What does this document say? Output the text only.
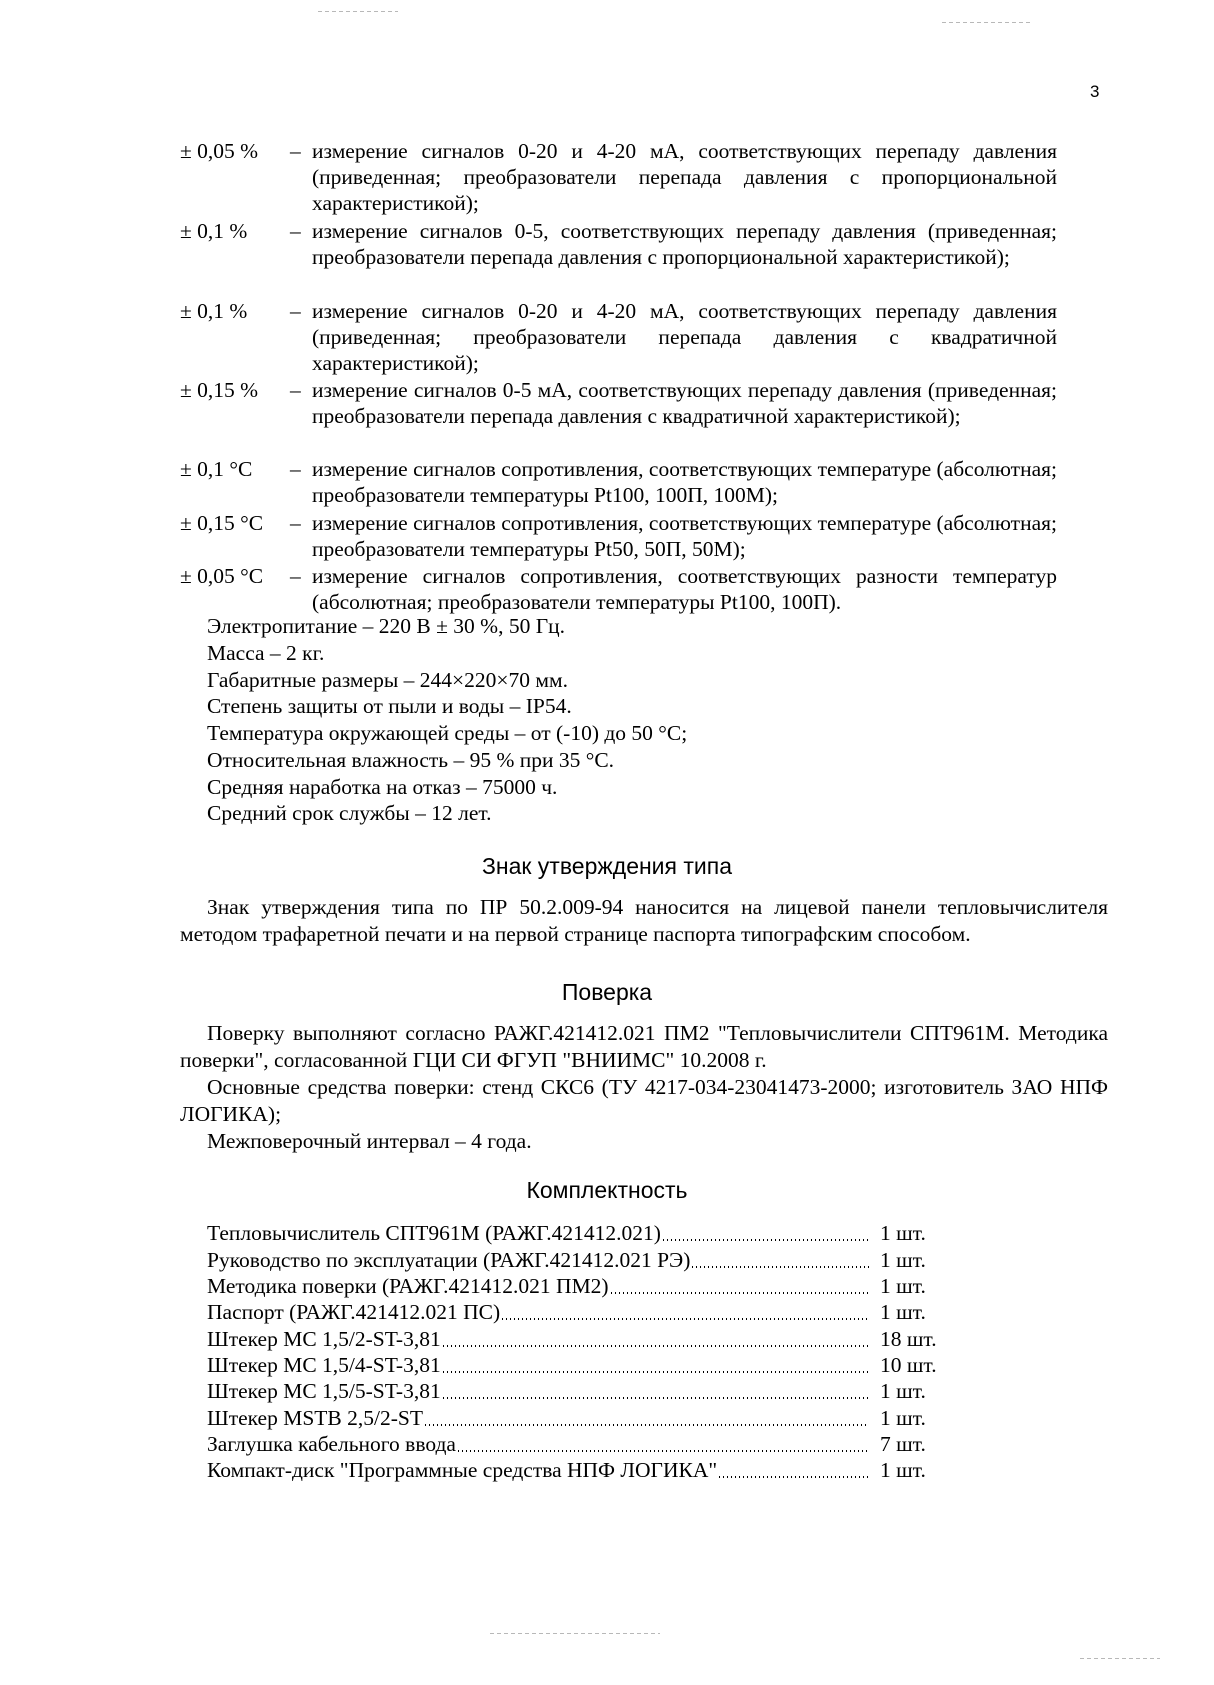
3
± 0,05 % – измерение сигналов 0-20 и 4-20 мА, соответствующих перепаду давления (приведенная; преобразователи перепада давления с пропорциональной характеристикой);
± 0,1 % – измерение сигналов 0-5, соответствующих перепаду давления (приведенная; преобразователи перепада давления с пропорциональной характеристикой);
± 0,1 % – измерение сигналов 0-20 и 4-20 мА, соответствующих перепаду давления (приведенная; преобразователи перепада давления с квадратичной характеристикой);
± 0,15 % – измерение сигналов 0-5 мА, соответствующих перепаду давления (приведенная; преобразователи перепада давления с квадратичной характеристикой);
± 0,1 °C – измерение сигналов сопротивления, соответствующих температуре (абсолютная; преобразователи температуры Pt100, 100П, 100М);
± 0,15 °C – измерение сигналов сопротивления, соответствующих температуре (абсолютная; преобразователи температуры Pt50, 50П, 50М);
± 0,05 °C – измерение сигналов сопротивления, соответствующих разности температур (абсолютная; преобразователи температуры Pt100, 100П).
Электропитание – 220 В ± 30 %, 50 Гц.
Масса – 2 кг.
Габаритные размеры – 244×220×70 мм.
Степень защиты от пыли и воды – IP54.
Температура окружающей среды – от (-10) до 50 °C;
Относительная влажность – 95 % при 35 °C.
Средняя наработка на отказ – 75000 ч.
Средний срок службы – 12 лет.
Знак утверждения типа
Знак утверждения типа по ПР 50.2.009-94 наносится на лицевой панели тепловычислителя методом трафаретной печати и на первой странице паспорта типографским способом.
Поверка
Поверку выполняют согласно РАЖГ.421412.021 ПМ2 "Тепловычислители СПТ961М. Методика поверки", согласованной ГЦИ СИ ФГУП "ВНИИМС" 10.2008 г.
Основные средства поверки: стенд СКС6 (ТУ 4217-034-23041473-2000; изготовитель ЗАО НПФ ЛОГИКА);
Межповерочный интервал – 4 года.
Комплектность
Тепловычислитель СПТ961М (РАЖГ.421412.021)	1 шт.
Руководство по эксплуатации (РАЖГ.421412.021 РЭ)	1 шт.
Методика поверки (РАЖГ.421412.021 ПМ2)	1 шт.
Паспорт (РАЖГ.421412.021 ПС)	1 шт.
Штекер МС 1,5/2-ST-3,81	18 шт.
Штекер МС 1,5/4-ST-3,81	10 шт.
Штекер МС 1,5/5-ST-3,81	1 шт.
Штекер MSTB 2,5/2-ST	1 шт.
Заглушка кабельного ввода	7 шт.
Компакт-диск "Программные средства НПФ ЛОГИКА"	1 шт.
